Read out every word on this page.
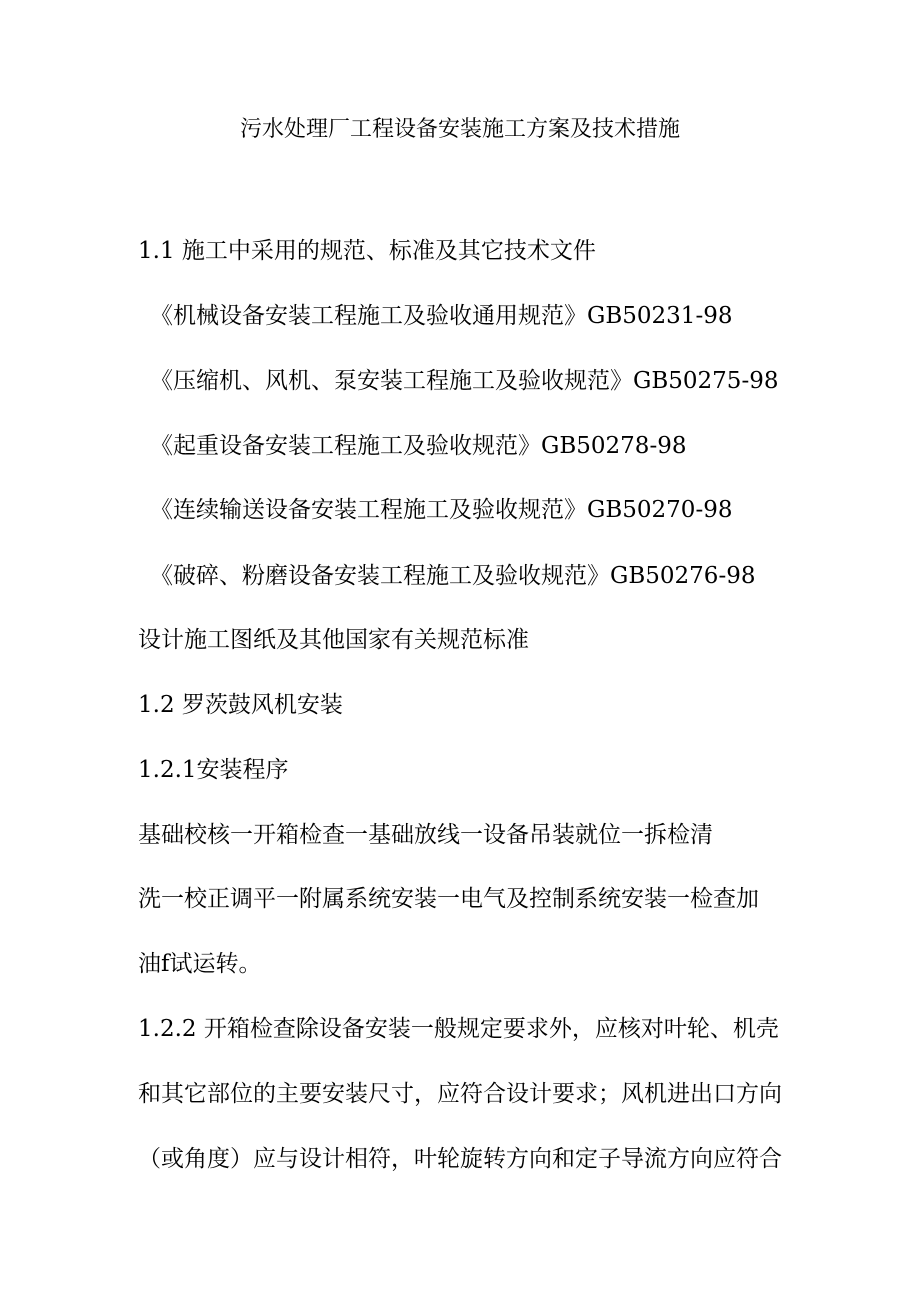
污水处理厂工程设备安装施工方案及技术措施
1.1 施工中采用的规范、标准及其它技术文件
《机械设备安装工程施工及验收通用规范》GB50231-98
《压缩机、风机、泵安装工程施工及验收规范》GB50275-98
《起重设备安装工程施工及验收规范》GB50278-98
《连续输送设备安装工程施工及验收规范》GB50270-98
《破碎、粉磨设备安装工程施工及验收规范》GB50276-98
设计施工图纸及其他国家有关规范标准
1.2 罗茨鼓风机安装
1.2.1安装程序
基础校核一开箱检查一基础放线一设备吊装就位一拆检清
洗一校正调平一附属系统安装一电气及控制系统安装一检查加
油f试运转。
1.2.2 开箱检查除设备安装一般规定要求外，应核对叶轮、机壳
和其它部位的主要安装尺寸，应符合设计要求；风机进出口方向
（或角度）应与设计相符，叶轮旋转方向和定子导流方向应符合
